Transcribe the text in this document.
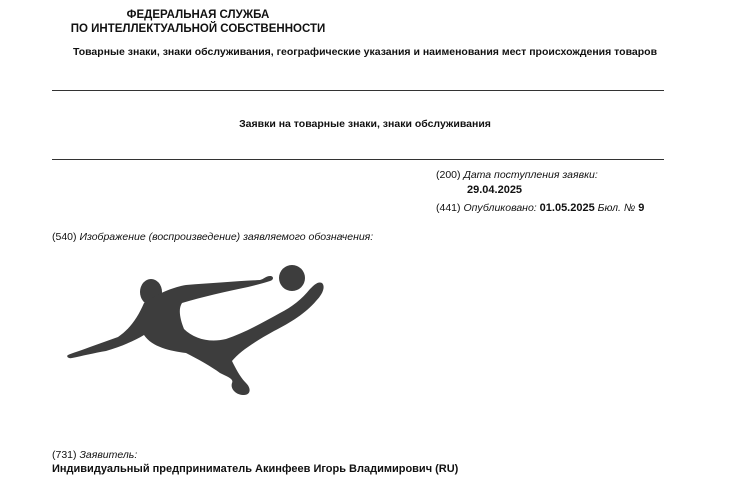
ФЕДЕРАЛЬНАЯ СЛУЖБА
ПО ИНТЕЛЛЕКТУАЛЬНОЙ СОБСТВЕННОСТИ
Товарные знаки, знаки обслуживания, географические указания и наименования мест происхождения товаров
Заявки на товарные знаки, знаки обслуживания
(200) Дата поступления заявки:
29.04.2025
(441) Опубликовано: 01.05.2025 Бюл. № 9
(540) Изображение (воспроизведение) заявляемого обозначения:
(731) Заявитель:
Индивидуальный предприниматель Акинфеев Игорь Владимирович (RU)
